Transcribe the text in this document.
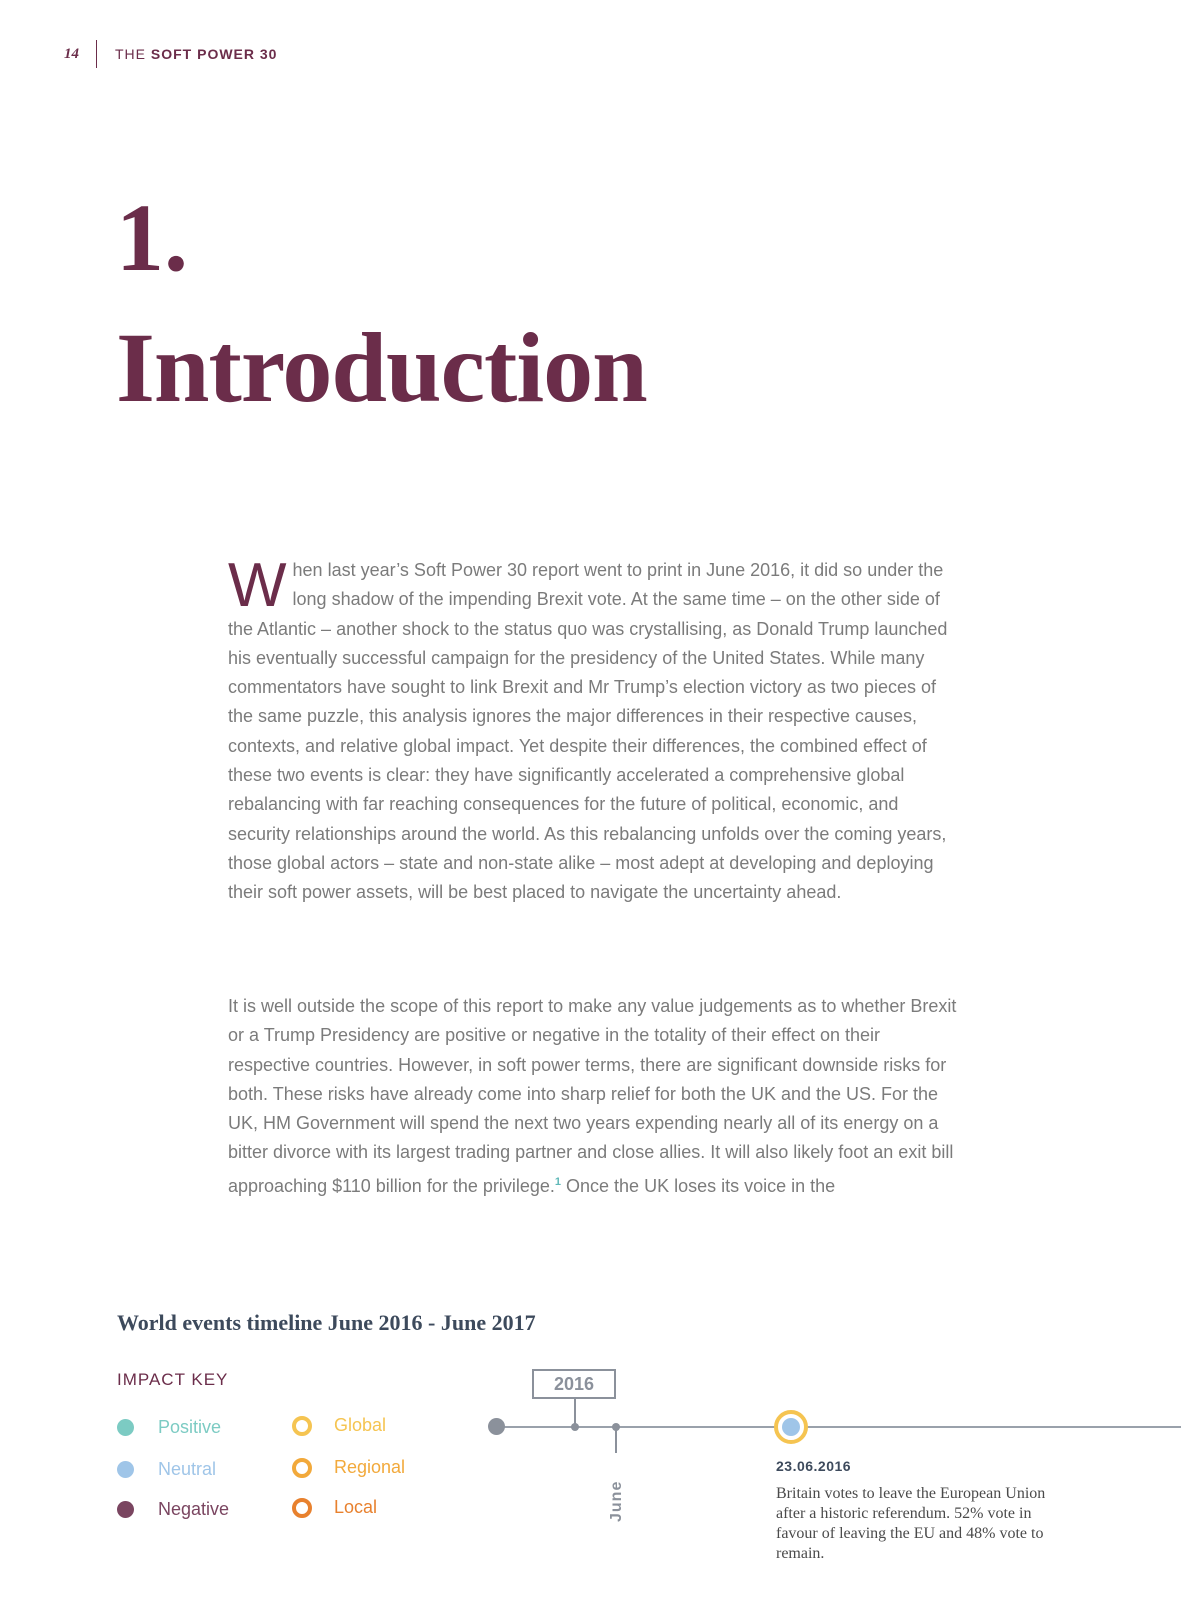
14	THE SOFT POWER 30
1.
Introduction

When last year’s Soft Power 30 report went to print in June 2016, it did so under the long shadow of the impending Brexit vote. At the same time – on the other side of the Atlantic – another shock to the status quo was crystallising, as Donald Trump launched his eventually successful campaign for the presidency of the United States. While many commentators have sought to link Brexit and Mr Trump’s election victory as two pieces of the same puzzle, this analysis ignores the major differences in their respective causes, contexts, and relative global impact. Yet despite their differences, the combined effect of these two events is clear: they have significantly accelerated a comprehensive global rebalancing with far reaching consequences for the future of political, economic, and security relationships around the world. As this rebalancing unfolds over the coming years, those global actors – state and non-state alike – most adept at developing and deploying their soft power assets, will be best placed to navigate the uncertainty ahead.

It is well outside the scope of this report to make any value judgements as to whether Brexit or a Trump Presidency are positive or negative in the totality of their effect on their respective countries. However, in soft power terms, there are significant downside risks for both. These risks have already come into sharp relief for both the UK and the US. For the UK, HM Government will spend the next two years expending nearly all of its energy on a bitter divorce with its largest trading partner and close allies. It will also likely foot an exit bill approaching $110 billion for the privilege.$^1$ Once the UK loses its voice in the

World events timeline June 2016 - June 2017
IMPACT KEY
Positive
Neutral
Negative
Global
Regional
Local
2016
June
23.06.2016
Britain votes to leave the European Union after a historic referendum. 52% vote in favour of leaving the EU and 48% vote to remain.
